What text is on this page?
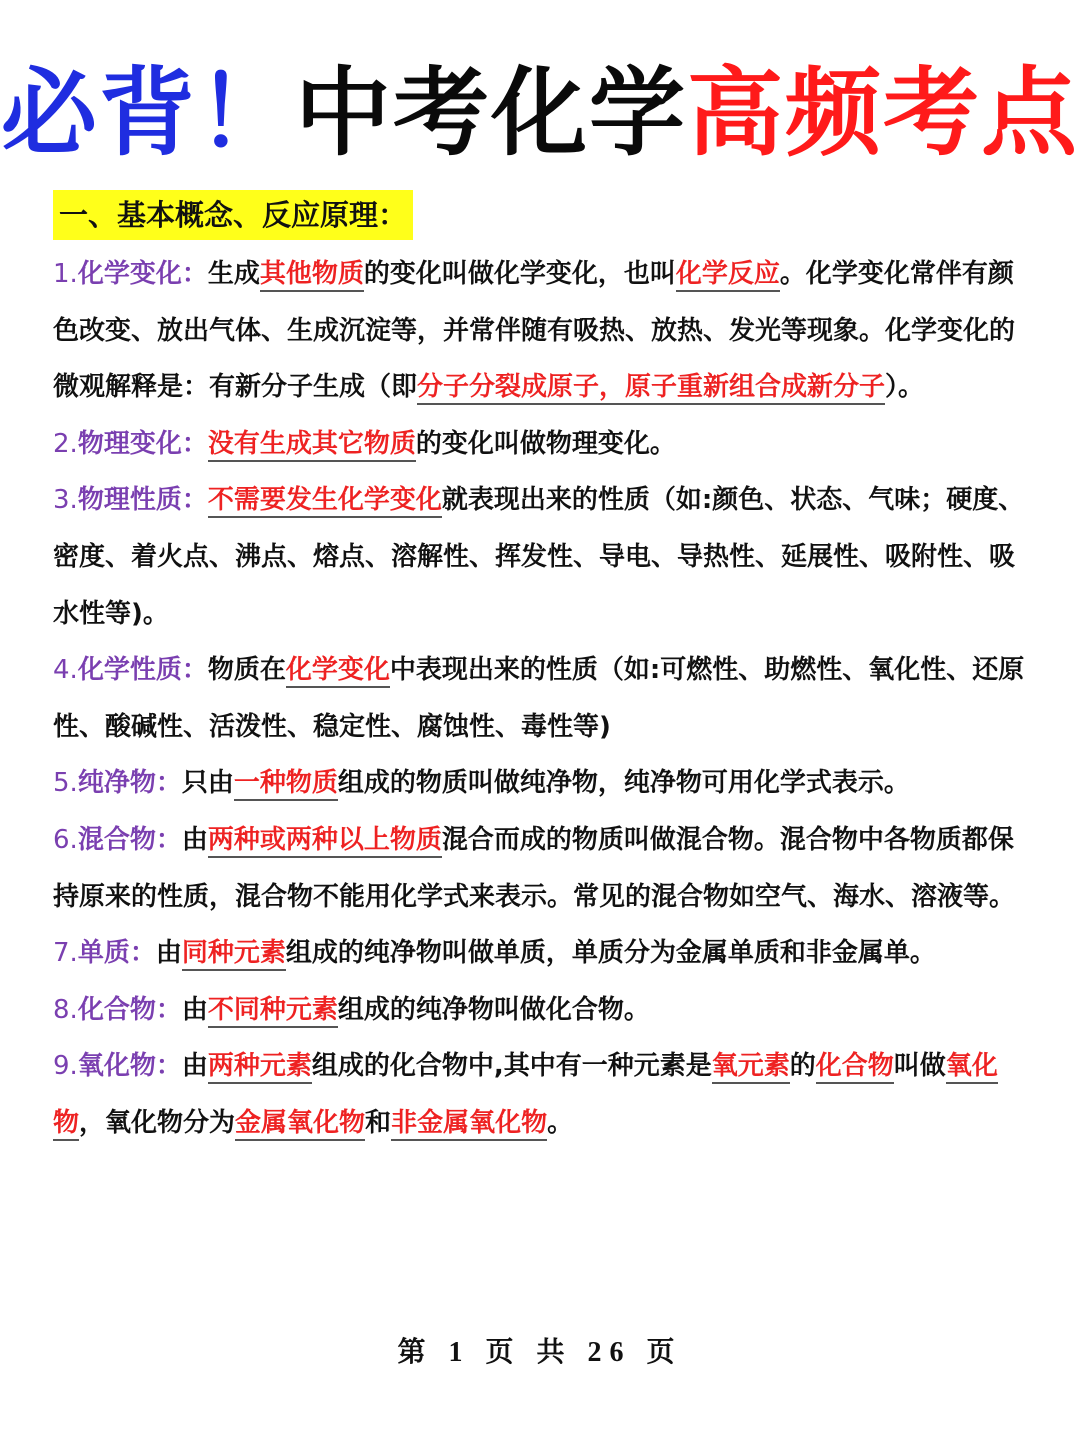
必背！中考化学高频考点
一、基本概念、反应原理：

1.化学变化：生成其他物质的变化叫做化学变化，也叫化学反应。化学变化常伴有颜色改变、放出气体、生成沉淀等，并常伴随有吸热、放热、发光等现象。化学变化的微观解释是：有新分子生成（即分子分裂成原子，原子重新组合成新分子）。

2.物理变化：没有生成其它物质的变化叫做物理变化。

3.物理性质：不需要发生化学变化就表现出来的性质（如:颜色、状态、气味；硬度、密度、着火点、沸点、熔点、溶解性、挥发性、导电、导热性、延展性、吸附性、吸水性等)。

4.化学性质：物质在化学变化中表现出来的性质（如:可燃性、助燃性、氧化性、还原性、酸碱性、活泼性、稳定性、腐蚀性、毒性等)

5.纯净物：只由一种物质组成的物质叫做纯净物，纯净物可用化学式表示。

6.混合物：由两种或两种以上物质混合而成的物质叫做混合物。混合物中各物质都保持原来的性质，混合物不能用化学式来表示。常见的混合物如空气、海水、溶液等。

7.单质：由同种元素组成的纯净物叫做单质，单质分为金属单质和非金属单。

8.化合物：由不同种元素组成的纯净物叫做化合物。

9.氧化物：由两种元素组成的化合物中,其中有一种元素是氧元素的化合物叫做氧化物，氧化物分为金属氧化物和非金属氧化物。

第 1 页 共 26 页
